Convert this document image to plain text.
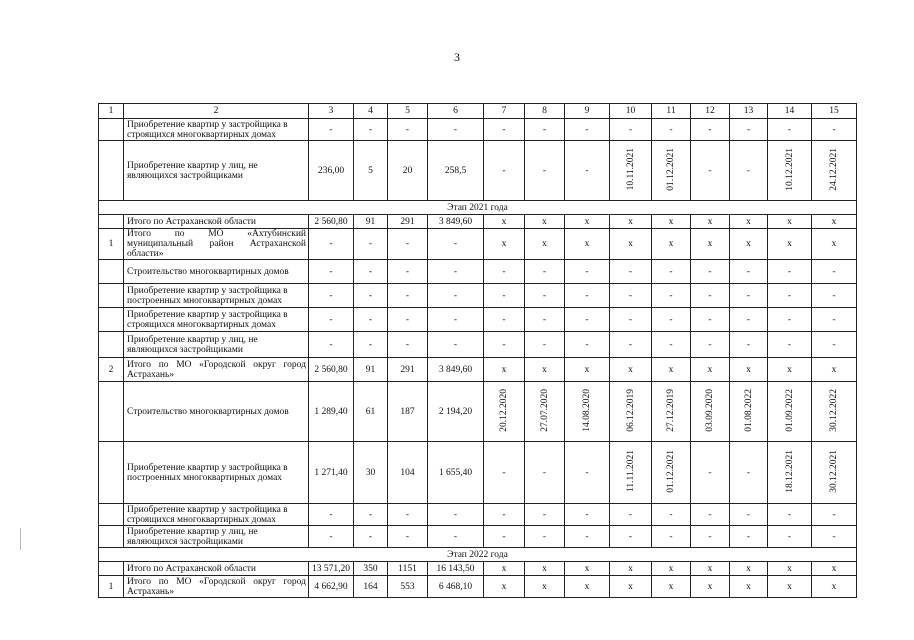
3
1	2	3	4	5	6	7	8	9	10	11	12	13	14	15
	Приобретение квартир у застройщика в строящихся многоквартирных домах	-	-	-	-	-	-	-	-	-	-	-	-	-
	Приобретение квартир у лиц, не являющихся застройщиками	236,00	5	20	258,5	-	-	-	10.11.2021	01.12.2021	-	-	10.12.2021	24.12.2021
Этап 2021 года														
	Итого по Астраханской области	2 560,80	91	291	3 849,60	x	x	x	x	x	x	x	x	x
1	Итого по МО «Ахтубинский муниципальный район Астраханской области»	-	-	-	-	x	x	x	x	x	x	x	x	x
	Строительство многоквартирных домов	-	-	-	-	-	-	-	-	-	-	-	-	-
	Приобретение квартир у застройщика в построенных многоквартирных домах	-	-	-	-	-	-	-	-	-	-	-	-	-
	Приобретение квартир у застройщика в строящихся многоквартирных домах	-	-	-	-	-	-	-	-	-	-	-	-	-
	Приобретение квартир у лиц, не являющихся застройщиками	-	-	-	-	-	-	-	-	-	-	-	-	-
2	Итого по МО «Городской округ город Астрахань»	2 560,80	91	291	3 849,60	x	x	x	x	x	x	x	x	x
	Строительство многоквартирных домов	1 289,40	61	187	2 194,20	20.12.2020	27.07.2020	14.08.2020	06.12.2019	27.12.2019	03.09.2020	01.08.2022	01.09.2022	30.12.2022
	Приобретение квартир у застройщика в построенных многоквартирных домах	1 271,40	30	104	1 655,40	-	-	-	11.11.2021	01.12.2021	-	-	18.12.2021	30.12.2021
	Приобретение квартир у застройщика в строящихся многоквартирных домах	-	-	-	-	-	-	-	-	-	-	-	-	-
	Приобретение квартир у лиц, не являющихся застройщиками	-	-	-	-	-	-	-	-	-	-	-	-	-
Этап 2022 года														
	Итого по Астраханской области	13 571,20	350	1151	16 143,50	x	x	x	x	x	x	x	x	x
1	Итого по МО «Городской округ город Астрахань»	4 662,90	164	553	6 468,10	x	x	x	x	x	x	x	x	x
